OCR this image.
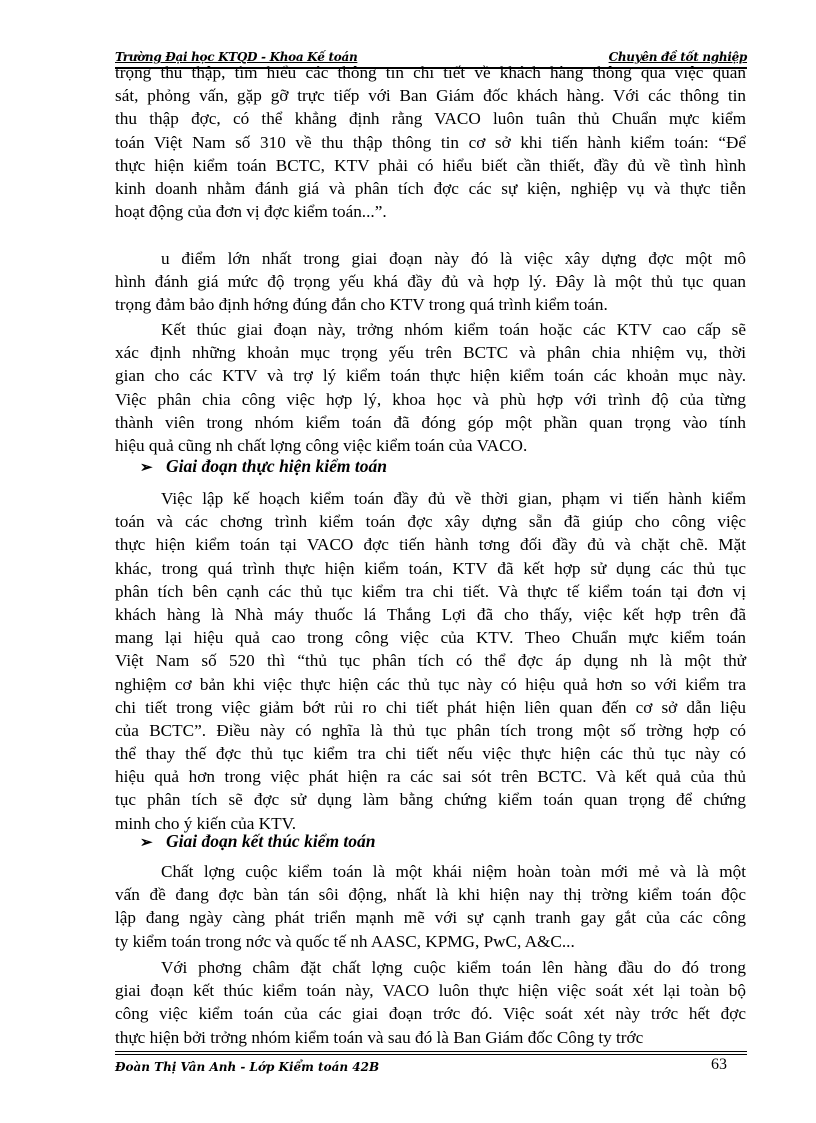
Trường Đại học KTQD - Khoa Kế toán	Chuyên đề tốt nghiệp
trọng thu thập, tìm hiểu các thông tin chi tiết về khách hàng thông qua việc quan
sát, phỏng vấn, gặp gỡ trực tiếp với Ban Giám đốc khách hàng. Với các thông tin
thu thập đợc, có thể khẳng định rằng VACO luôn tuân thủ Chuẩn mực kiểm
toán Việt Nam số 310 về thu thập thông tin cơ sở khi tiến hành kiểm toán: “Để
thực hiện kiểm toán BCTC, KTV phải có hiểu biết cần thiết, đầy đủ về tình hình
kinh doanh nhằm đánh giá và phân tích đợc các sự kiện, nghiệp vụ và thực tiễn
hoạt động của đơn vị đợc kiểm toán...”.
u điểm lớn nhất trong giai đoạn này đó là việc xây dựng đợc một mô
hình đánh giá mức độ trọng yếu khá đầy đủ và hợp lý. Đây là một thủ tục quan
trọng đảm bảo định hớng đúng đắn cho KTV trong quá trình kiểm toán.
Kết thúc giai đoạn này, trởng nhóm kiểm toán hoặc các KTV cao cấp sẽ
xác định những khoản mục trọng yếu trên BCTC và phân chia nhiệm vụ, thời
gian cho các KTV và trợ lý kiểm toán thực hiện kiểm toán các khoản mục này.
Việc phân chia công việc hợp lý, khoa học và phù hợp với trình độ của từng
thành viên trong nhóm kiểm toán đã đóng góp một phần quan trọng vào tính
hiệu quả cũng nh chất lợng công việc kiểm toán của VACO.
➢ Giai đoạn thực hiện kiểm toán
Việc lập kế hoạch kiểm toán đầy đủ về thời gian, phạm vi tiến hành kiểm
toán và các chơng trình kiểm toán đợc xây dựng sẵn đã giúp cho công việc
thực hiện kiểm toán tại VACO đợc tiến hành tơng đối đầy đủ và chặt chẽ. Mặt
khác, trong quá trình thực hiện kiểm toán, KTV đã kết hợp sử dụng các thủ tục
phân tích bên cạnh các thủ tục kiểm tra chi tiết. Và thực tế kiểm toán tại đơn vị
khách hàng là Nhà máy thuốc lá Thắng Lợi đã cho thấy, việc kết hợp trên đã
mang lại hiệu quả cao trong công việc của KTV. Theo Chuẩn mực kiểm toán
Việt Nam số 520 thì “thủ tục phân tích có thể đợc áp dụng nh là một thử
nghiệm cơ bản khi việc thực hiện các thủ tục này có hiệu quả hơn so với kiểm tra
chi tiết trong việc giảm bớt rủi ro chi tiết phát hiện liên quan đến cơ sở dẫn liệu
của BCTC”. Điều này có nghĩa là thủ tục phân tích trong một số trờng hợp có
thể thay thế đợc thủ tục kiểm tra chi tiết nếu việc thực hiện các thủ tục này có
hiệu quả hơn trong việc phát hiện ra các sai sót trên BCTC. Và kết quả của thủ
tục phân tích sẽ đợc sử dụng làm bằng chứng kiểm toán quan trọng để chứng
minh cho ý kiến của KTV.
➢ Giai đoạn kết thúc kiểm toán
Chất lợng cuộc kiểm toán là một khái niệm hoàn toàn mới mẻ và là một
vấn đề đang đợc bàn tán sôi động, nhất là khi hiện nay thị trờng kiểm toán độc
lập đang ngày càng phát triển mạnh mẽ với sự cạnh tranh gay gắt của các công
ty kiểm toán trong nớc và quốc tế nh AASC, KPMG, PwC, A&C...
Với phơng châm đặt chất lợng cuộc kiểm toán lên hàng đầu do đó trong
giai đoạn kết thúc kiểm toán này, VACO luôn thực hiện việc soát xét lại toàn bộ
công việc kiểm toán của các giai đoạn trớc đó. Việc soát xét này trớc hết đợc
thực hiện bởi trởng nhóm kiểm toán và sau đó là Ban Giám đốc Công ty trớc
Đoàn Thị Vân Anh - Lớp Kiểm toán 42B	63
